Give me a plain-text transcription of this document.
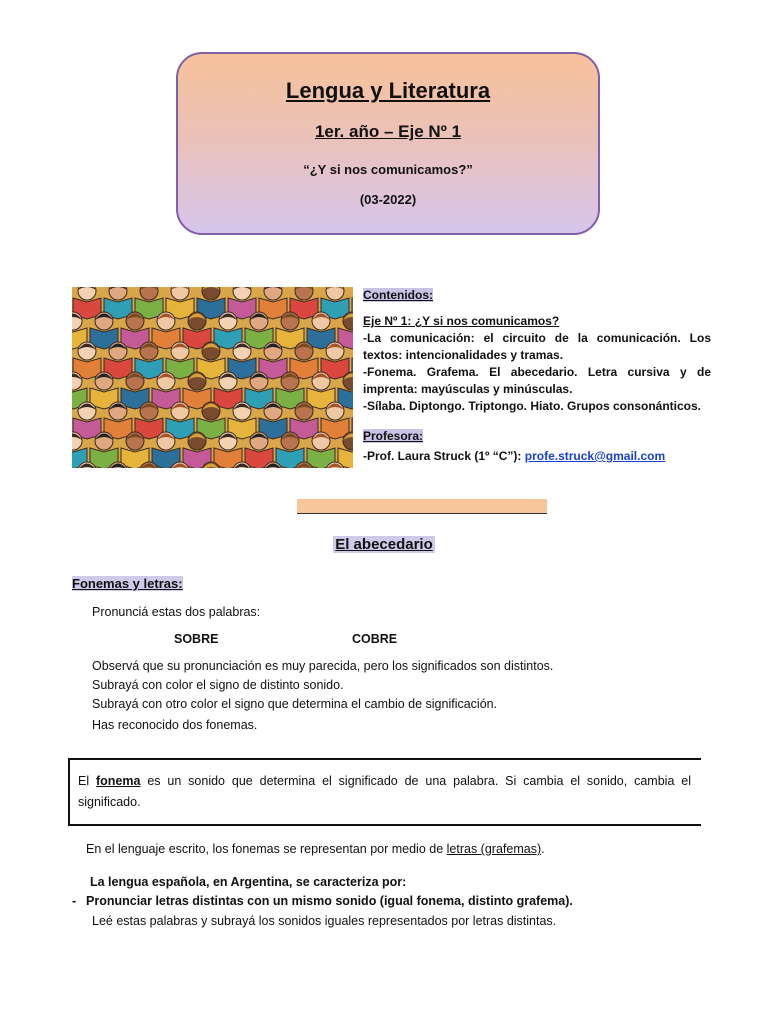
Lengua y Literatura
1er. año – Eje Nº 1
“¿Y si nos comunicamos?”
(03-2022)
Contenidos:
Eje Nº 1: ¿Y si nos comunicamos?
-La comunicación: el circuito de la comunicación. Los textos: intencionalidades y tramas.
-Fonema. Grafema. El abecedario. Letra cursiva y de imprenta: mayúsculas y minúsculas.
-Sílaba. Diptongo. Triptongo. Hiato. Grupos consonánticos.
Profesora:
-Prof. Laura Struck (1º “C”): profe.struck@gmail.com
El abecedario
Fonemas y letras:
Pronunciá estas dos palabras:
SOBRE	COBRE
Observá que su pronunciación es muy parecida, pero los significados son distintos.
Subrayá con color el signo de distinto sonido.
Subrayá con otro color el signo que determina el cambio de significación.
Has reconocido dos fonemas.
El fonema es un sonido que determina el significado de una palabra. Si cambia el sonido, cambia el significado.
En el lenguaje escrito, los fonemas se representan por medio de letras (grafemas).
La lengua española, en Argentina, se caracteriza por:
- Pronunciar letras distintas con un mismo sonido (igual fonema, distinto grafema).
Leé estas palabras y subrayá los sonidos iguales representados por letras distintas.
